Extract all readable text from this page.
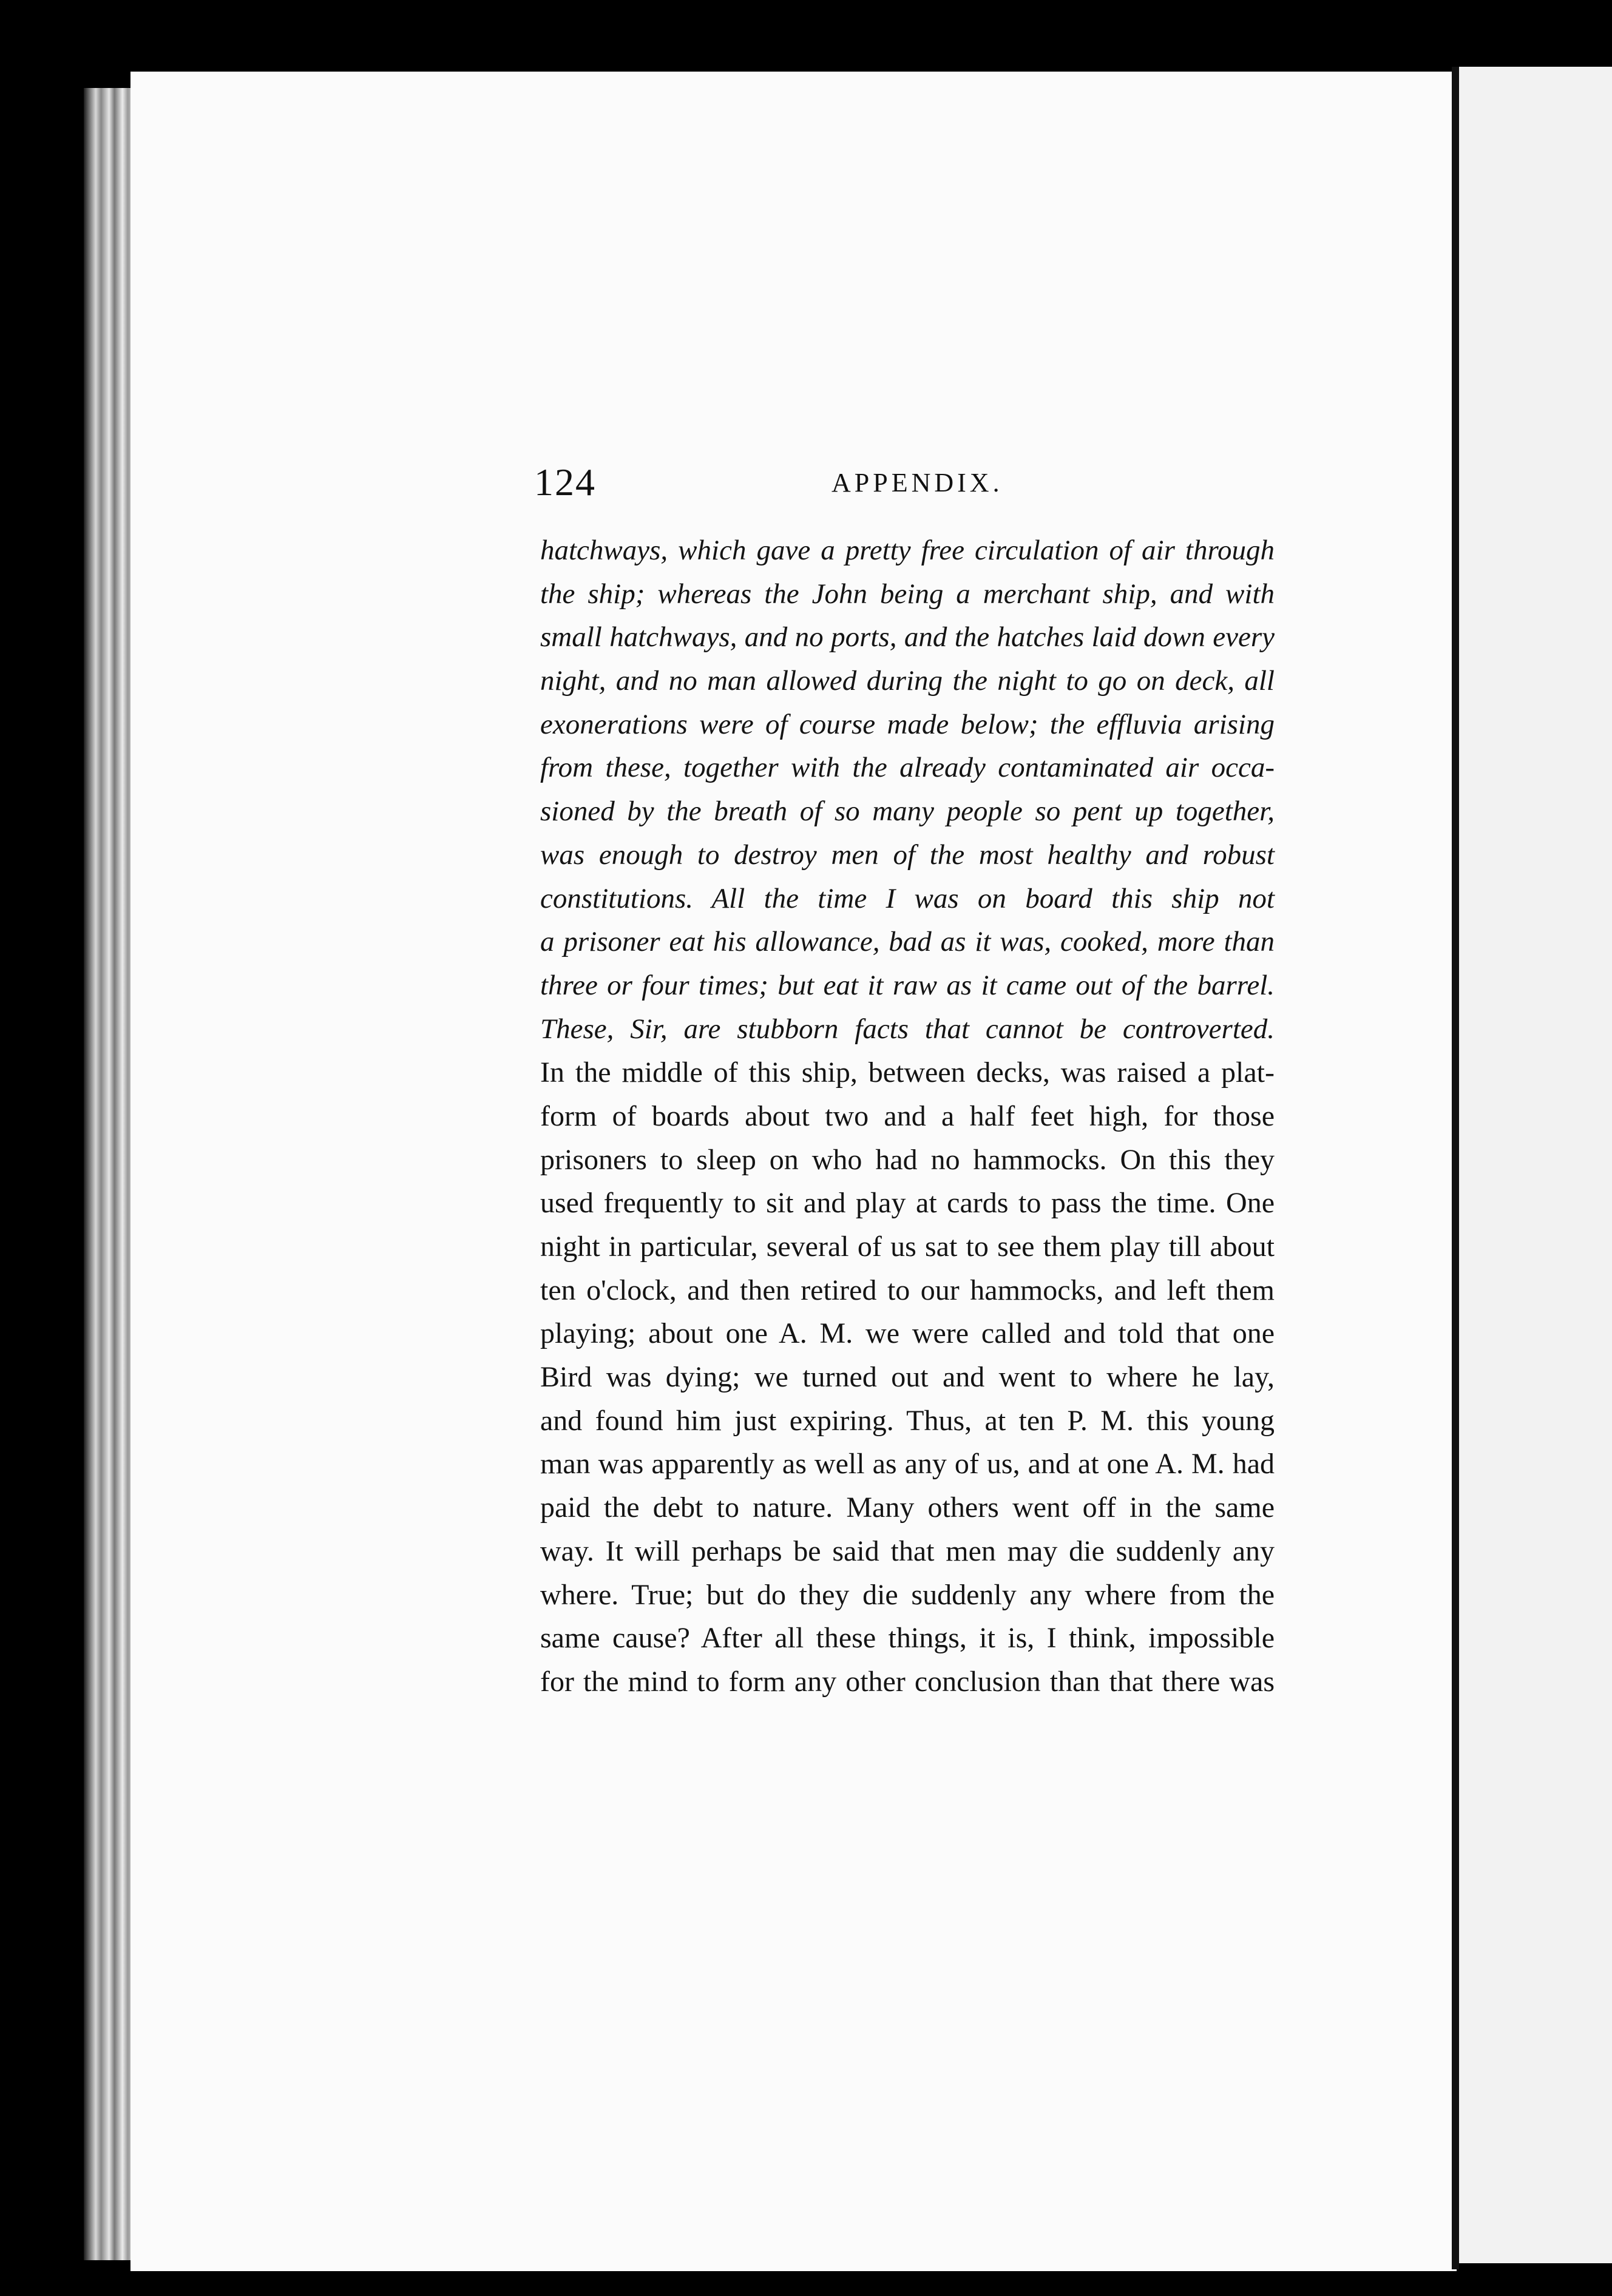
124	APPENDIX.
hatchways, which gave a pretty free circulation of air through
the ship; whereas the John being a merchant ship, and with
small hatchways, and no ports, and the hatches laid down every
night, and no man allowed during the night to go on deck, all
exonerations were of course made below; the effluvia arising
from these, together with the already contaminated air occa-
sioned by the breath of so many people so pent up together,
was enough to destroy men of the most healthy and robust
constitutions. All the time I was on board this ship not
a prisoner eat his allowance, bad as it was, cooked, more than
three or four times; but eat it raw as it came out of the barrel.
These, Sir, are stubborn facts that cannot be controverted.
In the middle of this ship, between decks, was raised a plat-
form of boards about two and a half feet high, for those
prisoners to sleep on who had no hammocks. On this they
used frequently to sit and play at cards to pass the time. One
night in particular, several of us sat to see them play till about
ten o'clock, and then retired to our hammocks, and left them
playing; about one A. M. we were called and told that one
Bird was dying; we turned out and went to where he lay,
and found him just expiring. Thus, at ten P. M. this young
man was apparently as well as any of us, and at one A. M. had
paid the debt to nature. Many others went off in the same
way. It will perhaps be said that men may die suddenly any
where. True; but do they die suddenly any where from the
same cause? After all these things, it is, I think, impossible
for the mind to form any other conclusion than that there was
